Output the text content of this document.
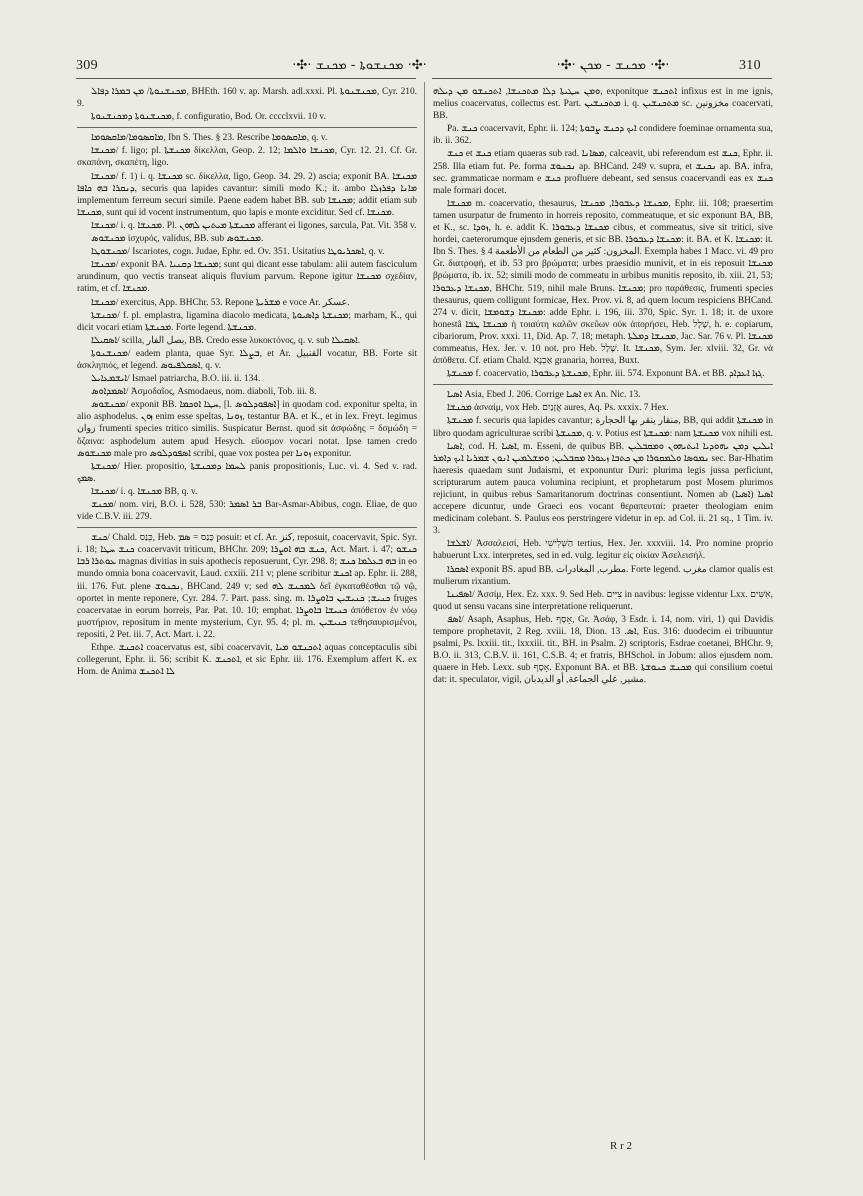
309	·✣· ܡܟܢܫܘܬܐ - ܡܟܢܫ ·✣·	·✣· ܡܟܢܫ - ܡܟܢ ·✣·	310

ܡܟܢܫܢܘܬܐ/ ܡܢ ܒܡܪܐ ܕܦܐܠ, BHEth. 160 v. ap. Marsh. adl.xxxi. Pl. ܡܟܢܫܢܘܬܐ, Cyr. 210. 9.

ܡܟܢܫܢܘܬܐ ܕܡܟܢܫܢܘܬܐ, f. configuratio, Bod. Or. cccclxvii. 10 v.

ܡܐܩܣܘܡܐ/ܡܐܩܣܘܡܐ, Ibn S. Thes. § 23. Rescribe ܡܐܩܣܘܡܐ, q. v.

ܡܟܢܫܐ/ f. ligo; pl. ܡܟܢܫܬܐ δίκελλαι, Geop. 2. 12; ܡܟܢܫܐ ܘܐܠܡܐ, Cyr. 12. 21. Cf. Gr. σκαπάνη, σκαπέτη, ligo.

ܡܟܢܫܐ/ f. 1) i. q. ܡܟܢܫܐ sc. δίκελλα, ligo, Geop. 34. 29. 2) ascia; exponit BA. ܡܟܢܫܐ ܕܢܩܪܐ ܒܗ ܟܐܦܐ, securis qua lapides cavantur: simili modo K.; it. ambo ܡܐܢܐ ܕܦܪܙܠܐ implementum ferreum securi simile. Paene eadem habet BB. sub ܡܟܢܫܐ; addit etiam sub ܡܟܢܫܐ, sunt qui id vocent instrumentum, quo lapis e monte exciditur. Sed cf. ܡܟܢܫܐ.

ܡܟܢܫܐ/ i. q. ܡܟܢܫܐ. Pl. ܡܟܢܫܬܐ ܡܝܬܝܢ ܠܗܘܢ afferant ei ligones, sarcula, Pat. Vit. 358 v.

ܡܟܢܫܘܣ ἰσχυρός, validus, BB. sub ܡܟܢܫܘܣ.

ܡܟܢܫܘܛܐ/ Iscariotes, cogn. Judae, Ephr. ed. Ov. 351. Usitatius ܐܣܟܪܝܘܛܐ, q. v.

ܡܟܢܫܐ/ exponit BA. ܡܟܢܫܐ ܕܩܢܝܐ; sunt qui dicant esse tabulam: alii autem fasciculum arundinum, quo vectis transeat aliquis fluvium parvum. Repone igitur ܡܟܢܫܐ σχεδίαν, ratim, et cf. ܡܟܢܫܐ.

ܡܟܢܫܐ/ exercitus, App. BHChr. 53. Repone ܡܫܪܝܬܐ e voce Ar. عسكر.

ܡܟܢܫܬܐ/ f. pl. emplastra, ligamina diacolo medicata, ܡܟܢܫܬܐ ܕܐܣܝܘܬܐ; marham, K., qui dicit vocari etiam ܡܟܢܫܬܐ. Forte legend. ܡܟܢܫܬܐ.

ܐܣܩܝܠܐ/ scilla, بصل الفار, BB. Credo esse λυκοκτόνος, q. v. sub ܐܣܩܝܠܐ.

ܡܟܢܫܢܘܬܐ/ eadem planta, quae Syr. ܒܨܠܐ, et Ar. القنبيل vocatur, BB. Forte sit ἀσκληπιός, et legend. ܐܣܩܠܦܝܘܣ, q. v.

ܐܝܫܡܥܐܝܠ/ Ismael patriarcha, B.O. iii. ii. 134.

ܐܣܡܕܐܘܣ/ Ἀσμοδαῖος, Asmodaeus, nom. diaboli, Tob. iii. 8.

ܡܟܢܫܘܣ/ exponit BB. ܚܛܐ ܐܘܟܡܐ, [l. ܐܣܦܘܕܠܘܣ] in quodam cod. exponitur spelta, in alio asphodelus. ܙܘܢ enim esse speltas, ܙܘܢܐ, testantur BA. et K., et in lex. Freyt. legimus زوان frumenti species tritico similis. Suspicatur Bernst. quod sit ἀσφώδης = δσμώδη = ὄζαινα: asphodelum autem apud Hesych. εὔοσμον vocari notat. Ipse tamen credo ܡܟܢܫܘܣ male pro ܐܣܦܘܕܠܘܣ scribi, quae vox postea per ܙܘܢܐ exponitur.

ܡܟܢܫܬܐ/ Hier. propositio, ܠܚܡܐ ܕܡܟܢܫܬܐ panis propositionis, Luc. vi. 4. Sed v. rad. ܣܡܟ.

ܡܟܢܫܐ/ i. q. ܡܟܢܫܐ BB, q. v.

ܡܟܢܫ/ nom. viri, B.O. i. 528, 530: ܒܪ ܐܣܡܪ Bar-Asmar-Abibus, cogn. Eliae, de quo vide C.B.V. iii. 279.

ܟܢܫ/ Chald. כְּנַס, Heb. כָּנַס = ܣܡ posuit: et cf. Ar. كنز, reposuit, coacervavit, Spic. Syr. i. 18; ܟܢܫ ܚܛܐ coacervavit triticum, BHChr. 209; ܟܢܫ ܒܗ ܐܘܨܪܐ, Act. Mart. i. 47; ܟܢܫܘ ܥܘܬܪܐ ܪܒܐ magnas divitias in suis apothecis reposuerunt, Cyr. 298. 8; ܒܗ ܒܥܠܡܐ ܟܢܫ in eo mundo omnia bona coacervavit, Laud. cxxiii. 211 v; plene scribitur ܐܟܢܫ ap. Ephr. ii. 288, iii. 176. Fut. plene ܢܟܢܘܫ, BHCand. 249 v; sed ܠܡܟܢܫ ܠܗ δεῖ ἐγκαταθέσθαι τῷ νῷ, oportet in mente reponere, Cyr. 284. 7. Part. pass. sing. m. ܟܢܝܫ; ܟܢܝܫܝܢ ܒܐܘܨܪܐ fruges coacervatae in eorum horreis, Par. Pat. 10. 10; emphat. ܟܢܝܫܐ ܒܐܘܨܪܐ ἀπόθετον ἐν νόῳ μυστήριον, repositum in mente mysterium, Cyr. 95. 4; pl. m. ܟܢܝܫܝܢ τεθησαυρισμένοι, repositi, 2 Pet. iii. 7, Act. Mart. i. 22.

Ethpe. ܐܬܟܢܫ coacervatus est, sibi coacervavit, ܐܬܟܢܫܘ ܡܝܐ aquas conceptaculis sibi collegerunt, Ephr. ii. 56; scribit K. ܐܬܟܢܫ, et sic Ephr. iii. 176. Exemplum affert K. ex Hom. de Anima ܠܐ ܐܬܟܢܫ

ܘܡܢ ܚܛܝܬܐ ܕܠܐ ܡܬܟܢܫܐ, ܐܬܟܢܫܘ ܡܢ ܕܝܠܗ, exponitque ܐܬܟܢܫ infixus est in me ignis, melius coacervatus, collectus est. Part. ܡܬܟܢܫܝܢ i. q. ܡܬܟܢܫܝܢ sc. مخزونين coacervati, BB.

Pa. ܟܢܫ coacervavit, Ephr. ii. 124; ܐܝܟ ܕܟܢܫ ܨܒܘܬܐ condidere foeminae ornamenta sua, ib. ii. 362.

ܟܢܫ et ܟܢܫ etiam quaeras sub rad. ܡܣܐܢܐ, calceavit, ubi referendum est ܟܢܫ, Ephr. ii. 258. Illa etiam fut. Pe. forma ܢܟܢܘܫ ap. BHCand. 249 v. supra, et ܢܟܢܫ ap. BA. infra, sec. grammaticae normam e ܟܢܫ profluere debeant, sed sensus coacervandi eas ex ܟܢܫ male formari docet.

ܡܟܢܫܐ m. coacervatio, thesaurus, ܡܟܢܫܐ ܕܥܒܘܪܐ, ܡܟܢܫܐ, Ephr. iii. 108; praesertim tamen usurpatur de frumento in horreis reposito, commeatuque, et sic exponunt BA, BB, et K., sc. ܙܘܕܐ, h. e. addit K. ܡܟܢܫܐ ܕܥܒܘܪܐ cibus, et commeatus, sive sit tritici, sive hordei, caeterorumque ejusdem generis, et sic BB. ܡܟܢܫܐ ܕܥܒܘܪܐ: it. BA. et K. ܡܟܢܫܐ: it. Ibn S. Thes. § 4 المخزون: كثير من الطعام من الأطعمة. Exempla habes 1 Macc. vi. 49 pro Gr. διατροφή, et ib. 53 pro βρώματα; urbes praesidio munivit, et in eis reposuit ܡܟܢܫܐ βρώματα, ib. ix. 52; simili modo de commeatu in urbibus munitis reposito, ib. xiii. 21, 53; ܡܟܢܫܐ ܕܥܒܘܪܐ, BHChr. 519, nihil male Bruns. ܡܟܢܫܐ; pro παράθεσις, frumenti species thesaurus, quem colligunt formicae, Hex. Prov. vi. 8, ad quem locum respiciens BHCand. 274 v. dicit, ܡܟܢܫܐ ܕܫܘܡܫܐ: adde Ephr. i. 196, iii. 370, Spic. Syr. 1. 18; it. de uxore honestâ ܡܟܢܫܐ ܛܒܐ ἡ τοιαύτη καλῶν σκεῦων οὐκ ἀπορήσει, Heb. שָׁלָל, h. e. copiarum, cibariorum, Prov. xxxi. 11, Did. Ap. 7. 18; metaph. ܡܟܢܫܐ ܕܡܠܬܐ, Jac. Sar. 76 v. Pl. ܡܟܢܫܐ commeatus, Hex. Jer. v. 10 not. pro Heb. שָׁלָל. It. ܡܟܢܫܐ, Sym. Jer. xlviii. 32, Gr. νὰ ἀπόθετα. Cf. etiam Chald. אַכְנָא granaria, horrea, Buxt.

ܡܟܢܫܬܐ f. coacervatio, ܡܟܢܫܬܐ ܕܥܒܘܪܐ, Ephr. iii. 574. Exponunt BA. et BB. ܓܙܐ ܐܥܕܐܕ.

ܐܣܝܐ Asia, Ebed J. 206. Corrige ܐܣܝܐ ex An. Nic. 13.

ܡܟܢܫܐ ἀσναίμ, vox Heb. אֲזָנַיִם aures, Aq. Ps. xxxix. 7 Hex.

ܡܟܢܫܬܐ f. securis qua lapides cavantur; منقار ينقر بها الحجارة, BB, qui addit ܡܟܢܫܬܐ in libro quodam agriculturae scribi ܡܟܢܫܬܐ, q. v. Potius est ܡܟܢܫܬܐ: nam ܡܟܢܫܬܐ vox nihili est.

ܐܣܝܐ, cod. H. ܐܣܝܐ, m. Esseni, de quibus BB. ܐܝܠܝܢ ܕܡܢ ܝܗܘܕܝܐ ܐܝܬܝܗܘܢ ܘܡܩܒܠܝܢ ܢܡܘܣܐ ܘܠܡܩܘܪܐ ܡܢ ܟܬܒܐ ܙܥܘܪܐ ܡܩܒܠܝܢ; ܘܡܫܠܡܝܢ ܐܢܘܢ ܫܡܪܝܐ ܐܝܟ ܕܐܡܪ sec. Bar-Hhatim haeresis quaedam sunt Judaismi, et exponuntur Duri: plurima legis jussa perficiunt, scripturarum autem pauca volumina recipiunt, et prophetarum post Mosem plurimos rejiciunt, in quibus rebus Samaritanorum doctrinas consentiunt. Nomen ab ܐܣܝܐ (ܐܣܝܐ) accepere dicuntur, unde Graeci eos vocant θεραπευταί: praeter theologiam enim medicinam colebant. S. Paulus eos perstringere videtur in ep. ad Col. ii. 21 sq., 1 Tim. iv. 3.

ܐܫܠܫܐ/ Ἀσσαλεισί, Heb. הַשְּׁלִישִׁי tertius, Hex. Jer. xxxviii. 14. Pro nomine proprio habuerunt Lxx. interpretes, sed in ed. vulg. legitur εἰς οἰκίαν Ἀσελεισήλ.

ܐܣܩܪܐ exponit BS. apud BB. مطرب, المغادرات. Forte legend. مغرب clamor qualis est mulierum rixantium.

ܐܣܦܝܢܐ/ Ἀσσίμ, Hex. Ez. xxx. 9. Sed Heb. צִיִּים in navibus: legisse videntur Lxx. אִשִּׁים, quod ut sensu vacans sine interpretatione reliquerunt.

ܐܣܦ/ Asaph, Asaphus, Heb. אָסָף, Gr. Ἀσάφ, 3 Esdr. i. 14, nom. viri, 1) qui Davidis tempore prophetavit, 2 Reg. xviii. 18, Dion. ܐܣ. 13, Eus. 316: duodecim ei tribuuntur psalmi, Ps. lxxiii. tit., lxxxiii. tit., BH. in Psalm. 2) scriptoris, Esdrae coetanei, BHChr. 9, B.O. ii. 313, C.B.V. ii. 161, C.S.B. 4; et fratris, BHSchol. in Jobum: alios ejusdem nom. quaere in Heb. Lexx. sub אָסָף. Exponunt BA. et BB. ܡܟܢܫ ܟܢܘܫܬܐ qui consilium coetui dat: it. speculator, vigil, مشير, علي الجماعة, أو الديدبان.

R r 2
